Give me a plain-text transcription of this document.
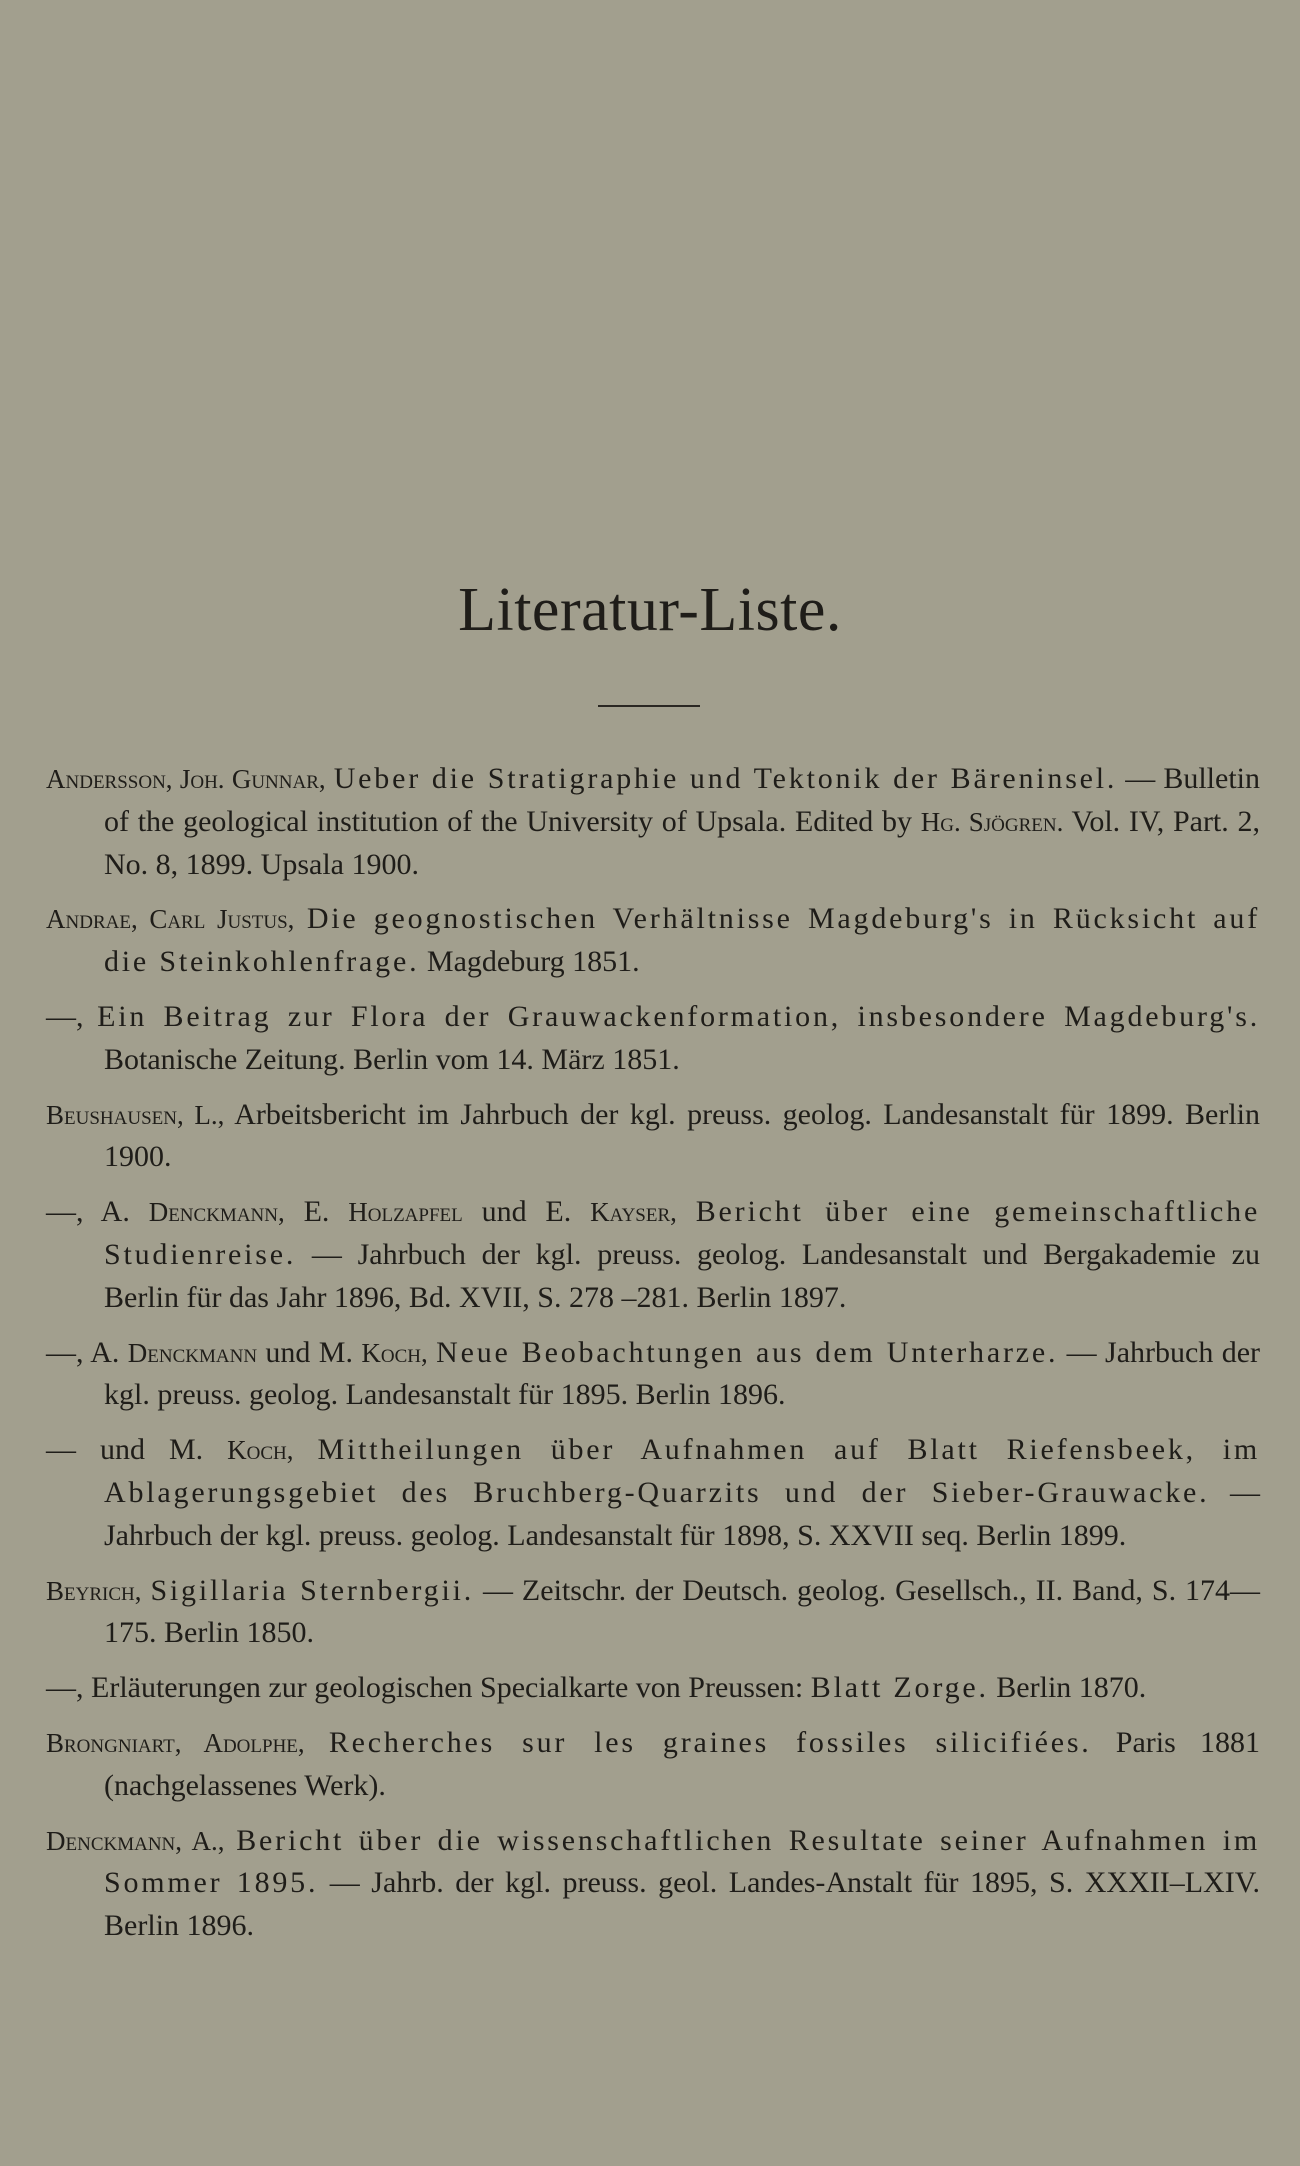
Literatur-Liste.

Andersson, Joh. Gunnar, Ueber die Stratigraphie und Tektonik der Bäreninsel. — Bulletin of the geological institution of the University of Upsala. Edited by Hg. Sjögren. Vol. IV, Part. 2, No. 8, 1899. Upsala 1900.

Andrae, Carl Justus, Die geognostischen Verhältnisse Magdeburg's in Rücksicht auf die Steinkohlenfrage. Magdeburg 1851.

—, Ein Beitrag zur Flora der Grauwackenformation, insbesondere Magdeburg's. Botanische Zeitung. Berlin vom 14. März 1851.

Beushausen, L., Arbeitsbericht im Jahrbuch der kgl. preuss. geolog. Landesanstalt für 1899. Berlin 1900.

—, A. Denckmann, E. Holzapfel und E. Kayser, Bericht über eine gemeinschaftliche Studienreise. — Jahrbuch der kgl. preuss. geolog. Landesanstalt und Bergakademie zu Berlin für das Jahr 1896, Bd. XVII, S. 278 –281. Berlin 1897.

—, A. Denckmann und M. Koch, Neue Beobachtungen aus dem Unterharze. — Jahrbuch der kgl. preuss. geolog. Landesanstalt für 1895. Berlin 1896.

— und M. Koch, Mittheilungen über Aufnahmen auf Blatt Riefensbeek, im Ablagerungsgebiet des Bruchberg-Quarzits und der Sieber-Grauwacke. — Jahrbuch der kgl. preuss. geolog. Landesanstalt für 1898, S. XXVII seq. Berlin 1899.

Beyrich, Sigillaria Sternbergii. — Zeitschr. der Deutsch. geolog. Gesellsch., II. Band, S. 174—175. Berlin 1850.

—, Erläuterungen zur geologischen Specialkarte von Preussen: Blatt Zorge. Berlin 1870.

Brongniart, Adolphe, Recherches sur les graines fossiles silicifiées. Paris 1881 (nachgelassenes Werk).

Denckmann, A., Bericht über die wissenschaftlichen Resultate seiner Aufnahmen im Sommer 1895. — Jahrb. der kgl. preuss. geol. Landes-Anstalt für 1895, S. XXXII–LXIV. Berlin 1896.
